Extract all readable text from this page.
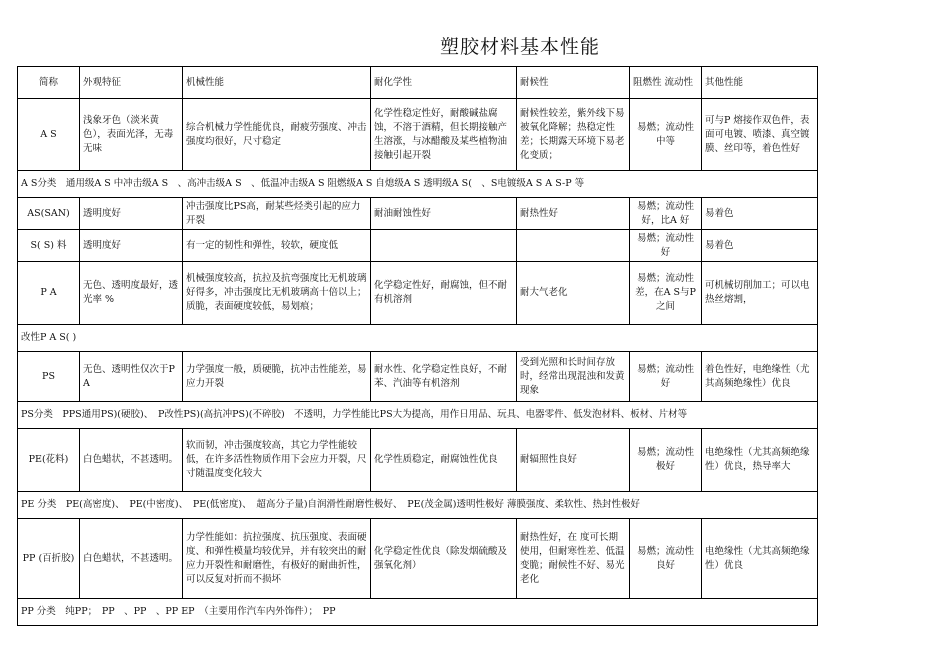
塑胶材料基本性能
简称	外观特征	机械性能	耐化学性	耐候性	阻燃性 流动性	其他性能
A S	浅象牙色（淡米黄色），表面光泽，无毒无味	综合机械力学性能优良，耐疲劳强度、冲击强度均很好，尺寸稳定	化学性稳定性好，耐酸碱盐腐蚀，不溶于酒精，但长期接触产生溶涨，与冰醋酸及某些植物油接触引起开裂	耐候性较差，紫外线下易被氧化降解；热稳定性差；长期露天环境下易老化变质；	易燃；流动性中等	可与P 熔接作双色件，表面可电镀、喷漆、真空镀膜、丝印等，着色性好
A S分类　通用级A S 中冲击级A S　、高冲击级A S　、低温冲击级A S 阻燃级A S 自熄级A S 透明级A S(　、S电镀级A S A S-P 等						
AS(SAN)	透明度好	冲击强度比PS高，耐某些烃类引起的应力开裂	耐油耐蚀性好	耐热性好	易燃；流动性好，比A 好	易着色
S( S) 料	透明度好	有一定的韧性和弹性，较软，硬度低			易燃；流动性好	易着色
P A	无色、透明度最好，透光率 %	机械强度较高，抗拉及抗弯强度比无机玻璃好得多，冲击强度比无机玻璃高十倍以上；质脆，表面硬度较低，易划痕；	化学稳定性好，耐腐蚀，但不耐有机溶剂	耐大气老化	易燃；流动性差，在A S与P 之间	可机械切削加工；可以电热丝熔割，
改性P A S( )						
PS	无色、透明性仅次于P A	力学强度一般，质硬脆，抗冲击性能差，易应力开裂	耐水性、化学稳定性良好，不耐苯、汽油等有机溶剂	受到光照和长时间存放时，经常出现混浊和发黄现象	易燃；流动性好	着色性好，电绝缘性（尤其高频绝缘性）优良
PS分类　PPS通用PS)(硬胶)、　P改性PS)(高抗冲PS)(不碎胶)　不透明，力学性能比PS大为提高，用作日用品、玩具、电器零件、低发泡材料、板材、片材等						
PE(花料)	白色蜡状，不甚透明。	软而韧，冲击强度较高，其它力学性能较低，在许多活性物质作用下会应力开裂，尺寸随温度变化较大	化学性质稳定，耐腐蚀性优良	耐辐照性良好	易燃；流动性极好	电绝缘性（尤其高频绝缘性）优良，热导率大
PE 分类　PE(高密度)、　PE(中密度)、　PE(低密度)、　超高分子量)自润滑性耐磨性极好、　PE(茂金属)透明性极好 薄膜强度、柔软性、热封性极好						
PP (百折胶)	白色蜡状，不甚透明。	力学性能如：抗拉强度、抗压强度、表面硬度、和弹性模量均较优异，并有较突出的耐应力开裂性和耐磨性，有极好的耐曲折性，可以反复对折而不损坏	化学稳定性优良（除发烟硫酸及强氧化剂）	耐热性好，在 度可长期使用，但耐寒性差、低温变脆；耐候性不好、易光老化	易燃；流动性良好	电绝缘性（尤其高频绝缘性）优良
PP 分类　纯PP；　PP　、PP　、PP EP　（主要用作汽车内外饰件）；　PP						
